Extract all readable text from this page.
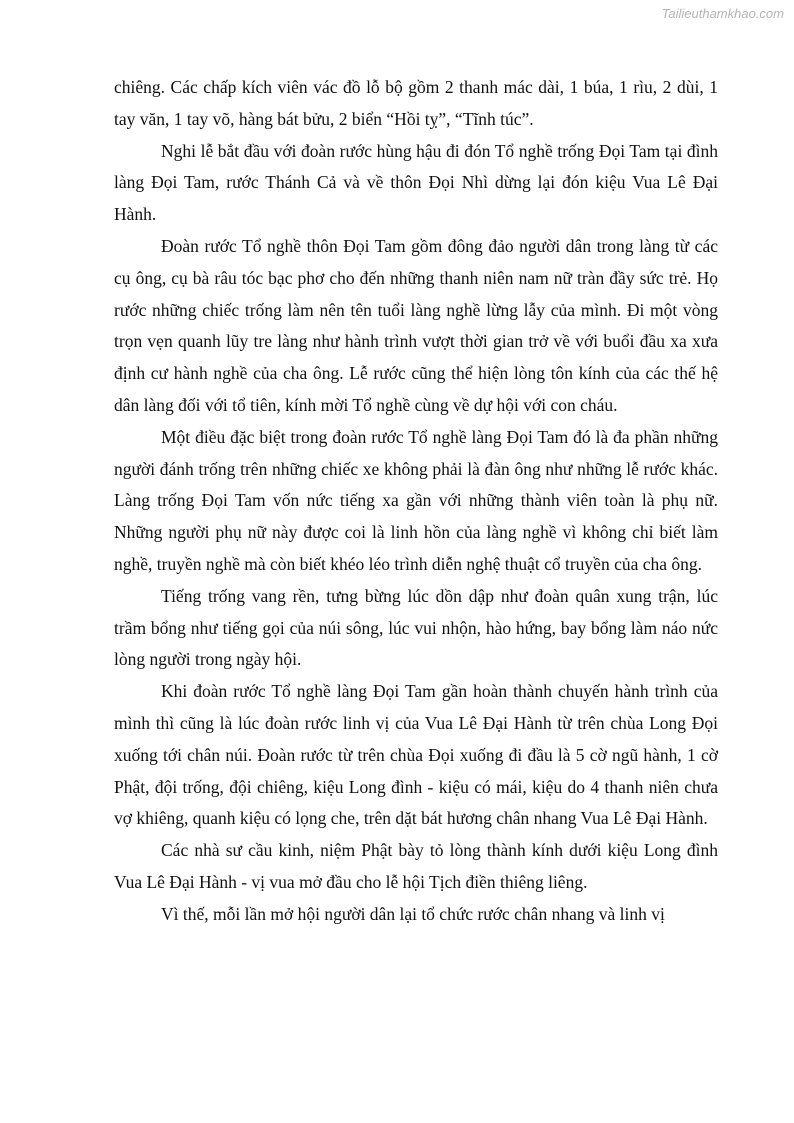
Tailieuthamkhao.com

chiêng. Các chấp kích viên vác đồ lỗ bộ gồm 2 thanh mác dài, 1 búa, 1 rìu, 2 dùi, 1 tay văn, 1 tay võ, hàng bát bửu, 2 biển “Hồi tỵ”, “Tĩnh túc”.

Nghi lễ bắt đầu với đoàn rước hùng hậu đi đón Tổ nghề trống Đọi Tam tại đình làng Đọi Tam, rước Thánh Cả và về thôn Đọi Nhì dừng lại đón kiệu Vua Lê Đại Hành.

Đoàn rước Tổ nghề thôn Đọi Tam gồm đông đảo người dân trong làng từ các cụ ông, cụ bà râu tóc bạc phơ cho đến những thanh niên nam nữ tràn đầy sức trẻ. Họ rước những chiếc trống làm nên tên tuổi làng nghề lừng lẫy của mình. Đi một vòng trọn vẹn quanh lũy tre làng như hành trình vượt thời gian trở về với buổi đầu xa xưa định cư hành nghề của cha ông. Lễ rước cũng thể hiện lòng tôn kính của các thế hệ dân làng đối với tổ tiên, kính mời Tổ nghề cùng về dự hội với con cháu.

Một điều đặc biệt trong đoàn rước Tổ nghề làng Đọi Tam đó là đa phần những người đánh trống trên những chiếc xe không phải là đàn ông như những lễ rước khác. Làng trống Đọi Tam vốn nức tiếng xa gần với những thành viên toàn là phụ nữ. Những người phụ nữ này được coi là linh hồn của làng nghề vì không chỉ biết làm nghề, truyền nghề mà còn biết khéo léo trình diễn nghệ thuật cổ truyền của cha ông.

Tiếng trống vang rền, tưng bừng lúc dồn dập như đoàn quân xung trận, lúc trầm bổng như tiếng gọi của núi sông, lúc vui nhộn, hào hứng, bay bổng làm náo nức lòng người trong ngày hội.

Khi đoàn rước Tổ nghề làng Đọi Tam gần hoàn thành chuyến hành trình của mình thì cũng là lúc đoàn rước linh vị của Vua Lê Đại Hành từ trên chùa Long Đọi xuống tới chân núi. Đoàn rước từ trên chùa Đọi xuống đi đầu là 5 cờ ngũ hành, 1 cờ Phật, đội trống, đội chiêng, kiệu Long đình - kiệu có mái, kiệu do 4 thanh niên chưa vợ khiêng, quanh kiệu có lọng che, trên dặt bát hương chân nhang Vua Lê Đại Hành.

Các nhà sư cầu kinh, niệm Phật bày tỏ lòng thành kính dưới kiệu Long đình Vua Lê Đại Hành - vị vua mở đầu cho lễ hội Tịch điền thiêng liêng.

Vì thế, mỗi lần mở hội người dân lại tổ chức rước chân nhang và linh vị
